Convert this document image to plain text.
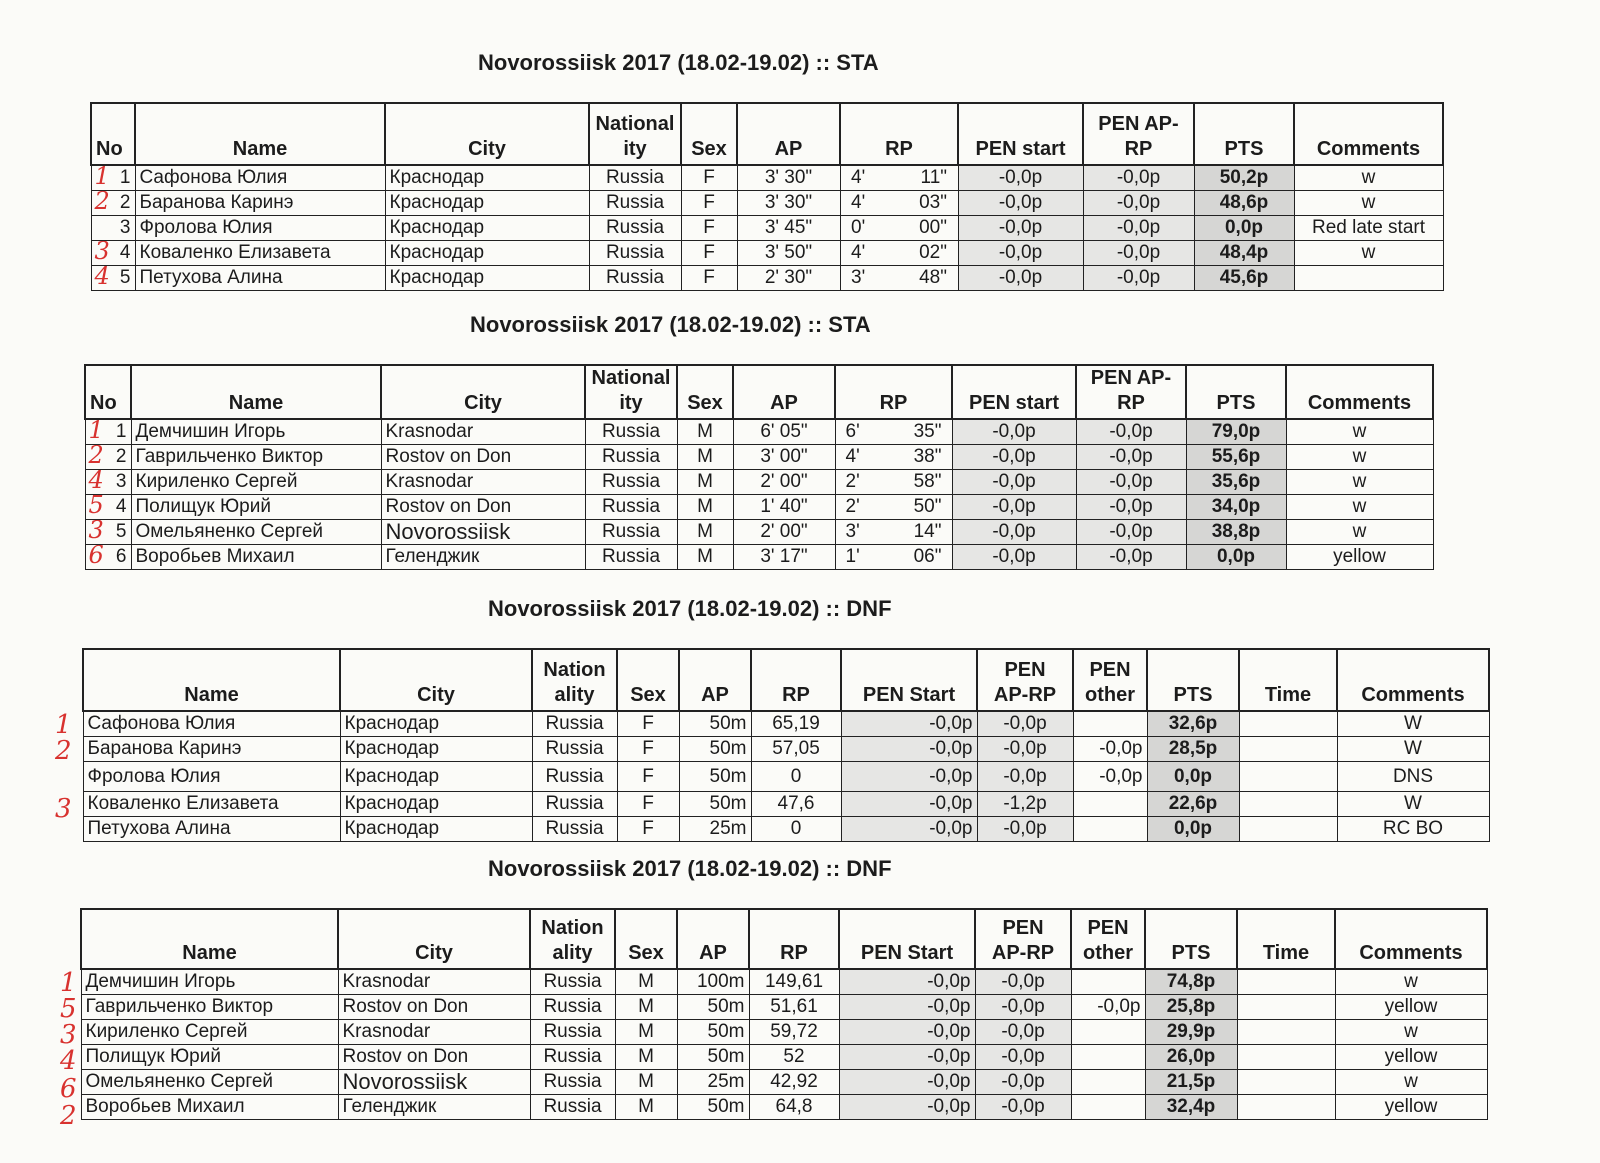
Novorossiisk 2017 (18.02-19.02) :: STA
No	Name	City	National
ity	Sex	AP	RP	PEN start	PEN AP-
RP	PTS	Comments

1 1	Сафонова Юлия	Краснодар	Russia	F	3' 30"	4' 11"	-0,0p	-0,0p	50,2p	w

2 2	Баранова Каринэ	Краснодар	Russia	F	3' 30"	4' 03"	-0,0p	-0,0p	48,6p	w

3	Фролова Юлия	Краснодар	Russia	F	3' 45"	0' 00"	-0,0p	-0,0p	0,0p	Red late start

3 4	Коваленко Елизавета	Краснодар	Russia	F	3' 50"	4' 02"	-0,0p	-0,0p	48,4p	w

4 5	Петухова Алина	Краснодар	Russia	F	2' 30"	3' 48"	-0,0p	-0,0p	45,6p	
Novorossiisk 2017 (18.02-19.02) :: STA
No	Name	City	National
ity	Sex	AP	RP	PEN start	PEN AP-
RP	PTS	Comments

1 1	Демчишин Игорь	Krasnodar	Russia	M	6' 05"	6' 35"	-0,0p	-0,0p	79,0p	w

2 2	Гаврильченко Виктор	Rostov on Don	Russia	M	3' 00"	4' 38"	-0,0p	-0,0p	55,6p	w

4 3	Кириленко Сергей	Krasnodar	Russia	M	2' 00"	2' 58"	-0,0p	-0,0p	35,6p	w

5 4	Полищук Юрий	Rostov on Don	Russia	M	1' 40"	2' 50"	-0,0p	-0,0p	34,0p	w

3 5	Омельяненко Сергей	Novorossiisk	Russia	M	2' 00"	3' 14"	-0,0p	-0,0p	38,8p	w

6 6	Воробьев Михаил	Геленджик	Russia	M	3' 17"	1' 06"	-0,0p	-0,0p	0,0p	yellow
Novorossiisk 2017 (18.02-19.02) :: DNF
1
2
3
Name	City	Nation
ality	Sex	AP	RP	PEN Start	PEN
AP-RP	PEN
other	PTS	Time	Comments
Сафонова Юлия	Краснодар	Russia	F	50m	65,19	-0,0p	-0,0p		32,6p		W
Баранова Каринэ	Краснодар	Russia	F	50m	57,05	-0,0p	-0,0p	-0,0p	28,5p		W
Фролова Юлия	Краснодар	Russia	F	50m	0	-0,0p	-0,0p	-0,0p	0,0p		DNS
Коваленко Елизавета	Краснодар	Russia	F	50m	47,6	-0,0p	-1,2p		22,6p		W
Петухова Алина	Краснодар	Russia	F	25m	0	-0,0p	-0,0p		0,0p		RC BO
Novorossiisk 2017 (18.02-19.02) :: DNF
1
5
3
4
6
2
Name	City	Nation
ality	Sex	AP	RP	PEN Start	PEN
AP-RP	PEN
other	PTS	Time	Comments
Демчишин Игорь	Krasnodar	Russia	M	100m	149,61	-0,0p	-0,0p		74,8p		w
Гаврильченко Виктор	Rostov on Don	Russia	M	50m	51,61	-0,0p	-0,0p	-0,0p	25,8p		yellow
Кириленко Сергей	Krasnodar	Russia	M	50m	59,72	-0,0p	-0,0p		29,9p		w
Полищук Юрий	Rostov on Don	Russia	M	50m	52	-0,0p	-0,0p		26,0p		yellow
Омельяненко Сергей	Novorossiisk	Russia	M	25m	42,92	-0,0p	-0,0p		21,5p		w
Воробьев Михаил	Геленджик	Russia	M	50m	64,8	-0,0p	-0,0p		32,4p		yellow
